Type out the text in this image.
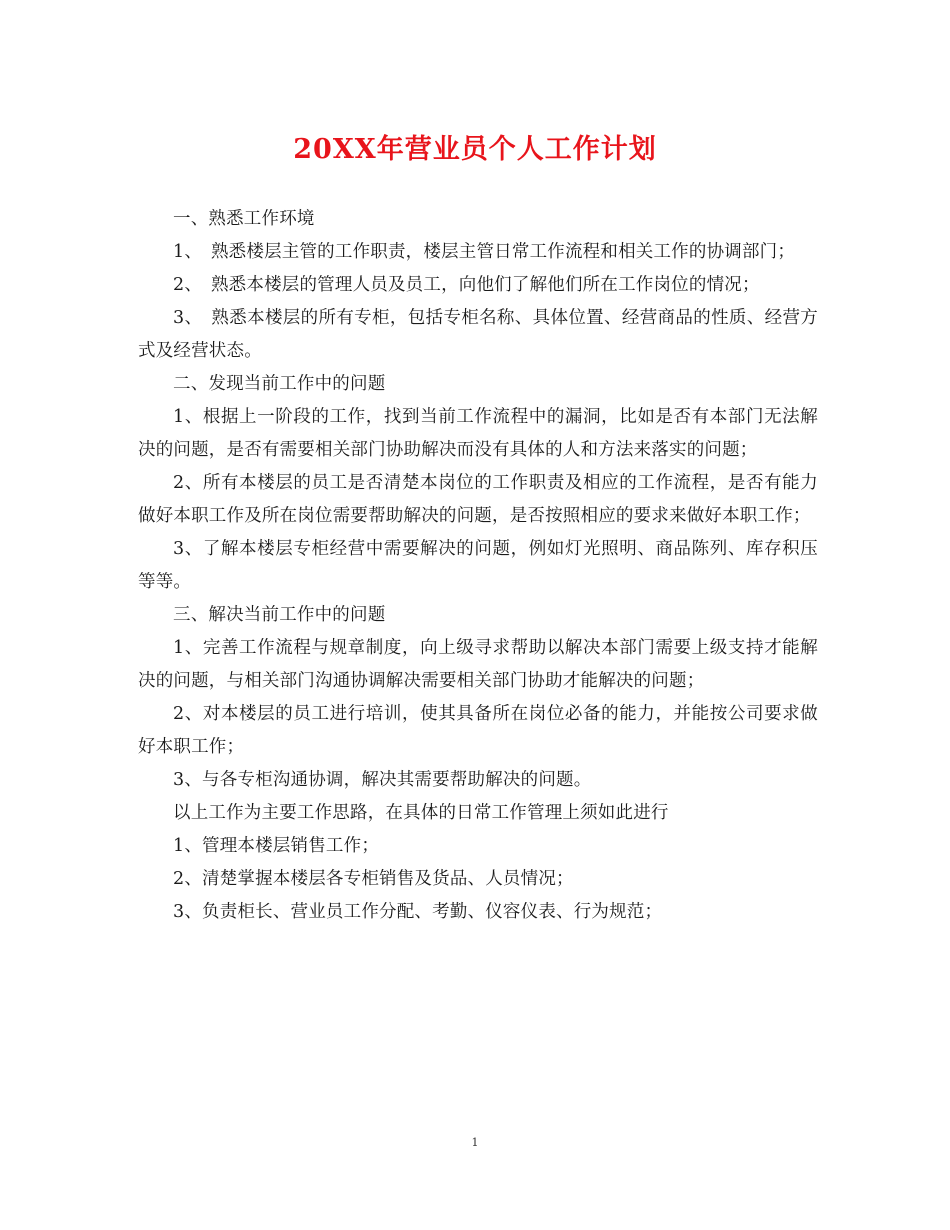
20XX年营业员个人工作计划

一、熟悉工作环境

1、　熟悉楼层主管的工作职责，楼层主管日常工作流程和相关工作的协调部门；

2、　熟悉本楼层的管理人员及员工，向他们了解他们所在工作岗位的情况；

3、　熟悉本楼层的所有专柜，包括专柜名称、具体位置、经营商品的性质、经营方式及经营状态。

二、发现当前工作中的问题

1、根据上一阶段的工作，找到当前工作流程中的漏洞，比如是否有本部门无法解决的问题，是否有需要相关部门协助解决而没有具体的人和方法来落实的问题；

2、所有本楼层的员工是否清楚本岗位的工作职责及相应的工作流程，是否有能力做好本职工作及所在岗位需要帮助解决的问题，是否按照相应的要求来做好本职工作；

3、了解本楼层专柜经营中需要解决的问题，例如灯光照明、商品陈列、库存积压等等。

三、解决当前工作中的问题

1、完善工作流程与规章制度，向上级寻求帮助以解决本部门需要上级支持才能解决的问题，与相关部门沟通协调解决需要相关部门协助才能解决的问题；

2、对本楼层的员工进行培训，使其具备所在岗位必备的能力，并能按公司要求做好本职工作；

3、与各专柜沟通协调，解决其需要帮助解决的问题。

以上工作为主要工作思路，在具体的日常工作管理上须如此进行

1、管理本楼层销售工作；

2、清楚掌握本楼层各专柜销售及货品、人员情况；

3、负责柜长、营业员工作分配、考勤、仪容仪表、行为规范；

1
